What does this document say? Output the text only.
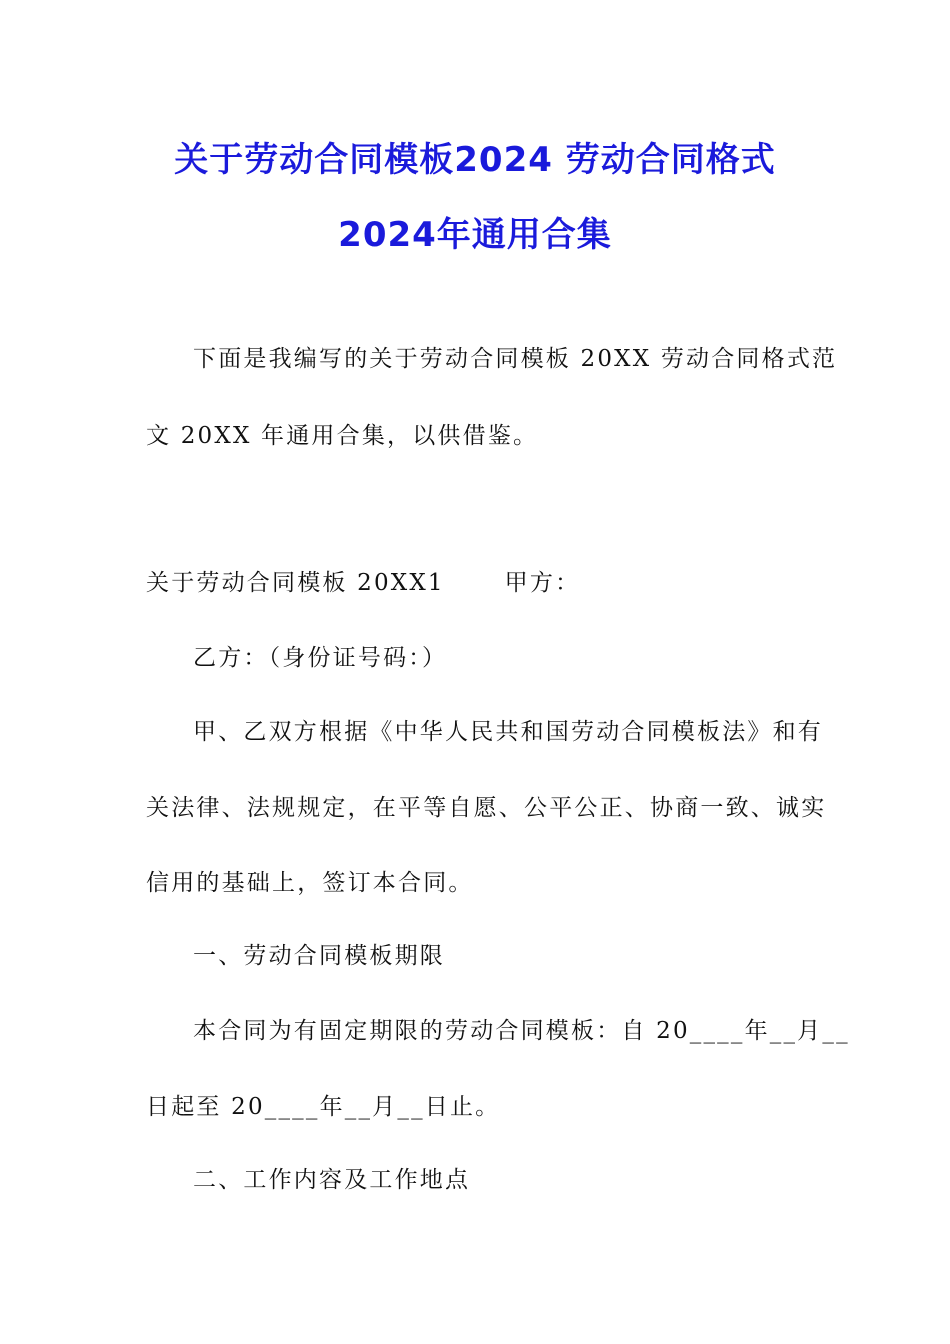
关于劳动合同模板2024 劳动合同格式
2024年通用合集
下面是我编写的关于劳动合同模板 20XX 劳动合同格式范
文 20XX 年通用合集，以供借鉴。
关于劳动合同模板 20XX1　　 甲方：
乙方：（身份证号码：）
甲、乙双方根据《中华人民共和国劳动合同模板法》和有
关法律、法规规定，在平等自愿、公平公正、协商一致、诚实
信用的基础上，签订本合同。
一、劳动合同模板期限
本合同为有固定期限的劳动合同模板：自 20____年__月__
日起至 20____年__月__日止。
二、工作内容及工作地点
